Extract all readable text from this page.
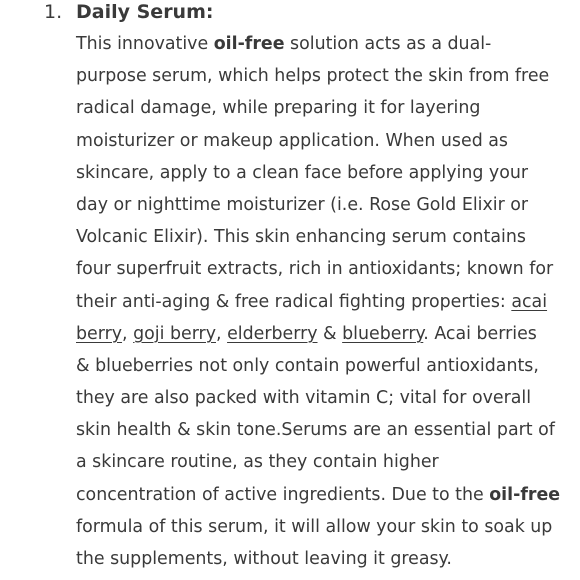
1. Daily Serum:
This innovative oil-free solution acts as a dual-
purpose serum, which helps protect the skin from free
radical damage, while preparing it for layering
moisturizer or makeup application. When used as
skincare, apply to a clean face before applying your
day or nighttime moisturizer (i.e. Rose Gold Elixir or
Volcanic Elixir). This skin enhancing serum contains
four superfruit extracts, rich in antioxidants; known for
their anti-aging & free radical fighting properties: acai
berry, goji berry, elderberry & blueberry. Acai berries
& blueberries not only contain powerful antioxidants,
they are also packed with vitamin C; vital for overall
skin health & skin tone.Serums are an essential part of
a skincare routine, as they contain higher
concentration of active ingredients. Due to the oil-free
formula of this serum, it will allow your skin to soak up
the supplements, without leaving it greasy.
